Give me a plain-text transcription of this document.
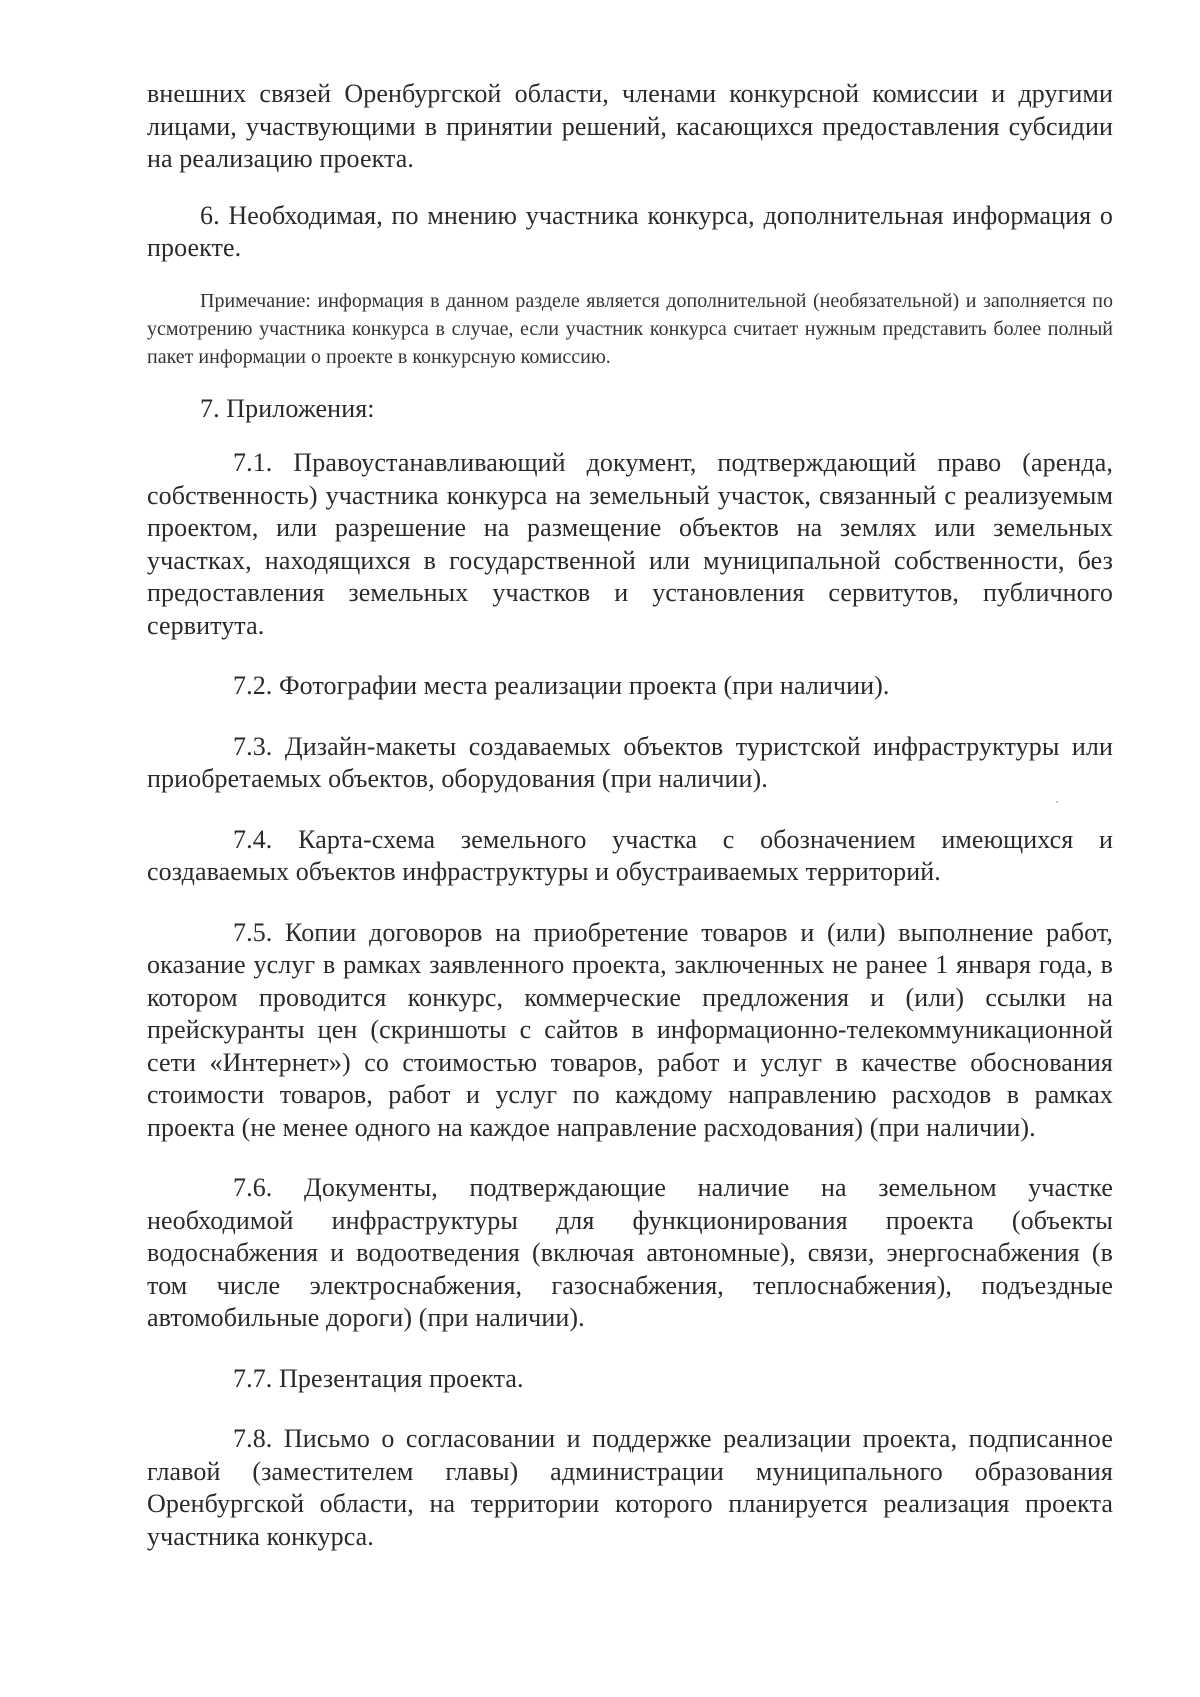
внешних связей Оренбургской области, членами конкурсной комиссии и другими лицами, участвующими в принятии решений, касающихся предоставления субсидии на реализацию проекта.

6. Необходимая, по мнению участника конкурса, дополнительная информация о проекте.

Примечание: информация в данном разделе является дополнительной (необязательной) и заполняется по усмотрению участника конкурса в случае, если участник конкурса считает нужным представить более полный пакет информации о проекте в конкурсную комиссию.

7. Приложения:

7.1. Правоустанавливающий документ, подтверждающий право (аренда, собственность) участника конкурса на земельный участок, связанный с реализуемым проектом, или разрешение на размещение объектов на землях или земельных участках, находящихся в государственной или муниципальной собственности, без предоставления земельных участков и установления сервитутов, публичного сервитута.

7.2. Фотографии места реализации проекта (при наличии).

7.3. Дизайн-макеты создаваемых объектов туристской инфраструктуры или приобретаемых объектов, оборудования (при наличии).

7.4. Карта-схема земельного участка с обозначением имеющихся и создаваемых объектов инфраструктуры и обустраиваемых территорий.

7.5. Копии договоров на приобретение товаров и (или) выполнение работ, оказание услуг в рамках заявленного проекта, заключенных не ранее 1 января года, в котором проводится конкурс, коммерческие предложения и (или) ссылки на прейскуранты цен (скриншоты с сайтов в информационно-телекоммуникационной сети «Интернет») со стоимостью товаров, работ и услуг в качестве обоснования стоимости товаров, работ и услуг по каждому направлению расходов в рамках проекта (не менее одного на каждое направление расходования) (при наличии).

7.6. Документы, подтверждающие наличие на земельном участке необходимой инфраструктуры для функционирования проекта (объекты водоснабжения и водоотведения (включая автономные), связи, энергоснабжения (в том числе электроснабжения, газоснабжения, теплоснабжения), подъездные автомобильные дороги) (при наличии).

7.7. Презентация проекта.

7.8. Письмо о согласовании и поддержке реализации проекта, подписанное главой (заместителем главы) администрации муниципального образования Оренбургской области, на территории которого планируется реализация проекта участника конкурса.
